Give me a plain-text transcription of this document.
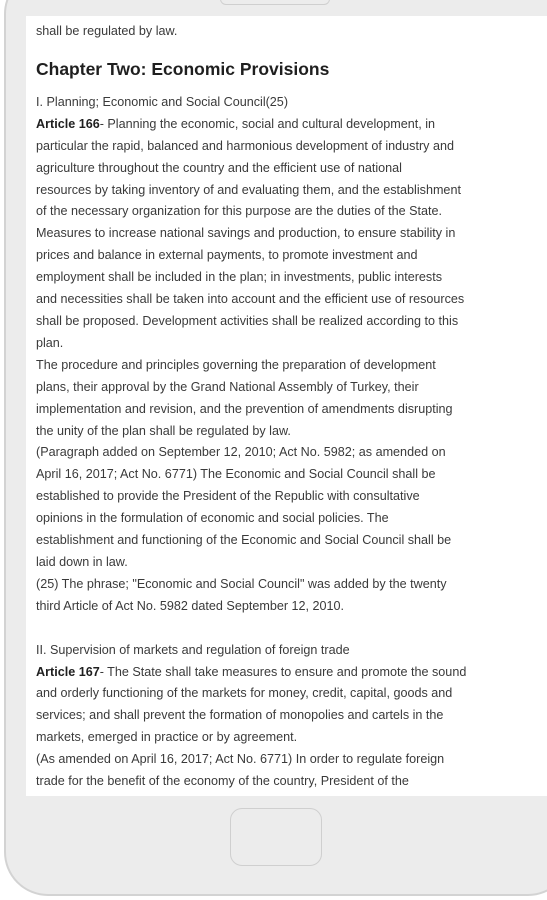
shall be regulated by law.
Chapter Two: Economic Provisions
I. Planning; Economic and Social Council(25)
Article 166- Planning the economic, social and cultural development, in
particular the rapid, balanced and harmonious development of industry and
agriculture throughout the country and the efficient use of national
resources by taking inventory of and evaluating them, and the establishment
of the necessary organization for this purpose are the duties of the State.
Measures to increase national savings and production, to ensure stability in
prices and balance in external payments, to promote investment and
employment shall be included in the plan; in investments, public interests
and necessities shall be taken into account and the efficient use of resources
shall be proposed. Development activities shall be realized according to this
plan.
The procedure and principles governing the preparation of development
plans, their approval by the Grand National Assembly of Turkey, their
implementation and revision, and the prevention of amendments disrupting
the unity of the plan shall be regulated by law.
(Paragraph added on September 12, 2010; Act No. 5982; as amended on
April 16, 2017; Act No. 6771) The Economic and Social Council shall be
established to provide the President of the Republic with consultative
opinions in the formulation of economic and social policies. The
establishment and functioning of the Economic and Social Council shall be
laid down in law.
(25) The phrase; "Economic and Social Council" was added by the twenty
third Article of Act No. 5982 dated September 12, 2010.
II. Supervision of markets and regulation of foreign trade
Article 167- The State shall take measures to ensure and promote the sound
and orderly functioning of the markets for money, credit, capital, goods and
services; and shall prevent the formation of monopolies and cartels in the
markets, emerged in practice or by agreement.
(As amended on April 16, 2017; Act No. 6771) In order to regulate foreign
trade for the benefit of the economy of the country, President of the
